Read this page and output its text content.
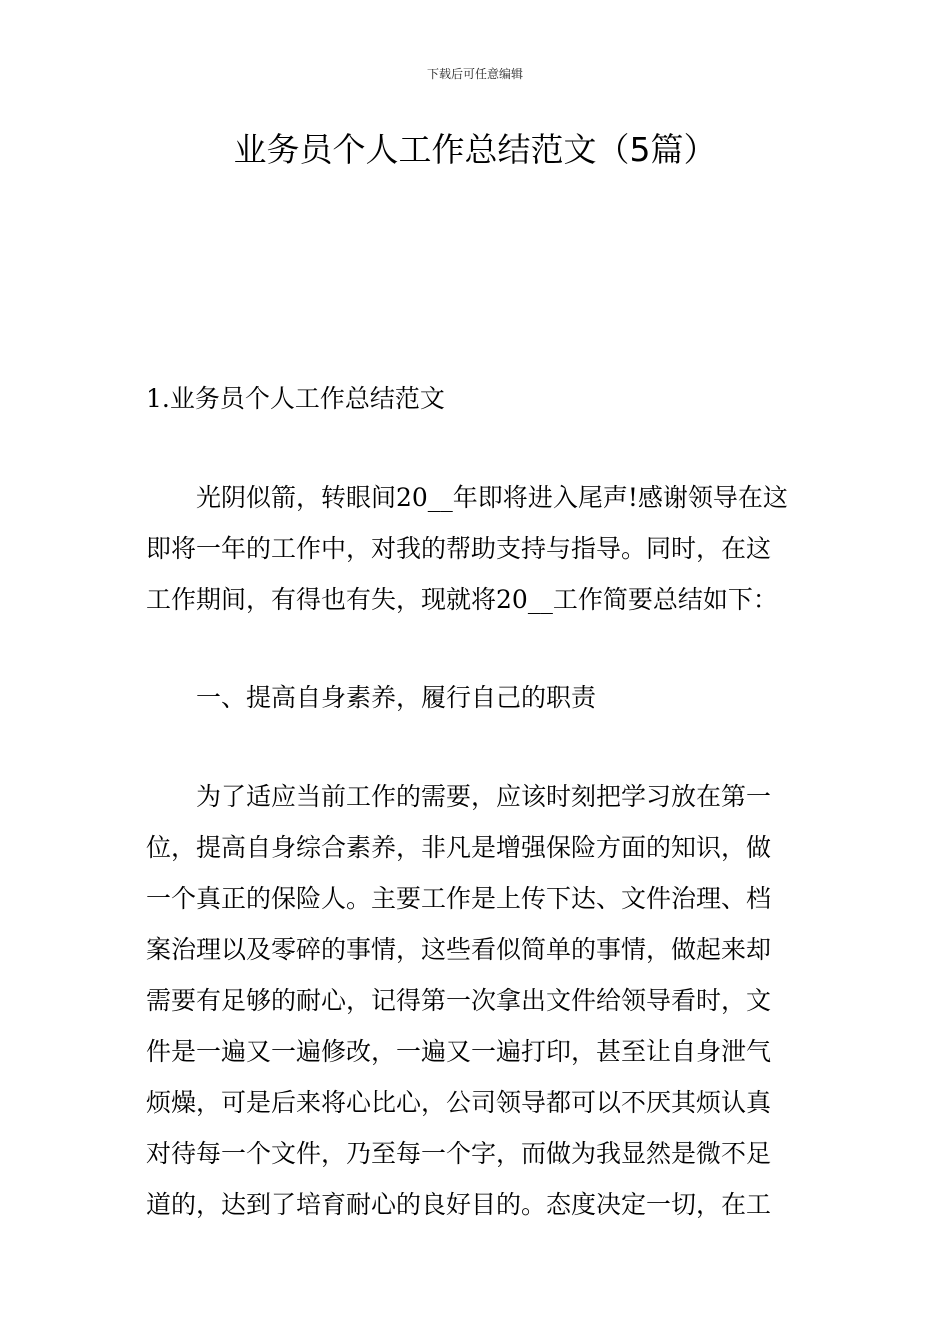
下载后可任意编辑
业务员个人工作总结范文（5篇）

1.业务员个人工作总结范文

光阴似箭，转眼间20__年即将进入尾声!感谢领导在这
即将一年的工作中，对我的帮助支持与指导。同时，在这
工作期间，有得也有失，现就将20__工作简要总结如下：

一、提高自身素养，履行自己的职责

为了适应当前工作的需要，应该时刻把学习放在第一
位，提高自身综合素养，非凡是增强保险方面的知识，做
一个真正的保险人。主要工作是上传下达、文件治理、档
案治理以及零碎的事情，这些看似简单的事情，做起来却
需要有足够的耐心，记得第一次拿出文件给领导看时，文
件是一遍又一遍修改，一遍又一遍打印，甚至让自身泄气
烦燥，可是后来将心比心，公司领导都可以不厌其烦认真
对待每一个文件，乃至每一个字，而做为我显然是微不足
道的，达到了培育耐心的良好目的。态度决定一切，在工
